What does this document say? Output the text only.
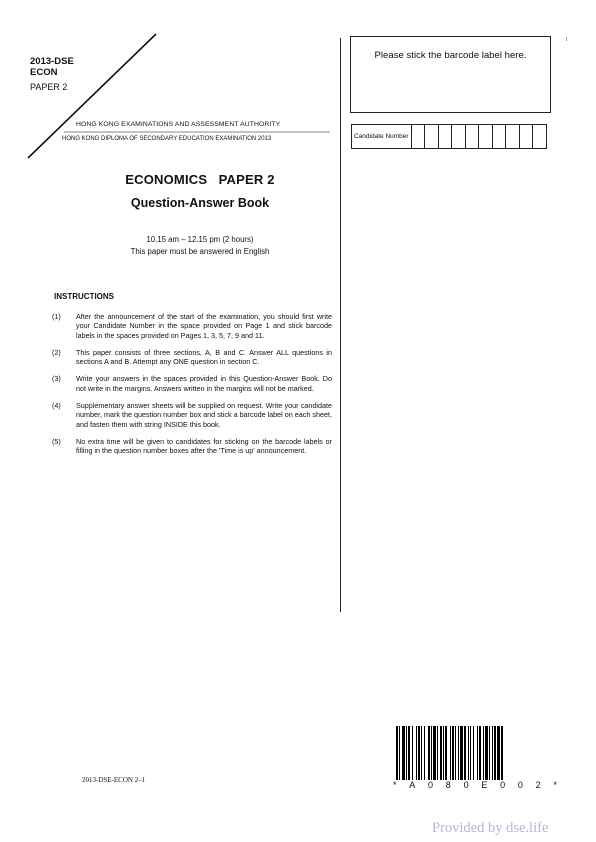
2013-DSE
ECON
PAPER 2
HONG KONG EXAMINATIONS AND ASSESSMENT AUTHORITY
HONG KONG DIPLOMA OF SECONDARY EDUCATION EXAMINATION 2013
ECONOMICS   PAPER 2
Question-Answer Book
10.15 am – 12.15 pm (2 hours)
This paper must be answered in English
INSTRUCTIONS
(1)	After the announcement of the start of the examination, you should first write your Candidate Number in the space provided on Page 1 and stick barcode labels in the spaces provided on Pages 1, 3, 5, 7, 9 and 11.
(2)	This paper consists of three sections, A, B and C. Answer ALL questions in sections A and B. Attempt any ONE question in section C.
(3)	Write your answers in the spaces provided in this Question-Answer Book. Do not write in the margins. Answers written in the margins will not be marked.
(4)	Supplementary answer sheets will be supplied on request. Write your candidate number, mark the question number box and stick a barcode label on each sheet, and fasten them with string INSIDE this book.
(5)	No extra time will be given to candidates for sticking on the barcode labels or filling in the question number boxes after the 'Time is up' announcement.
Please stick the barcode label here.
Candidate Number
2013-DSE-ECON 2–1	* A 0 8 0 E 0 0 2 *
Provided by dse.life
